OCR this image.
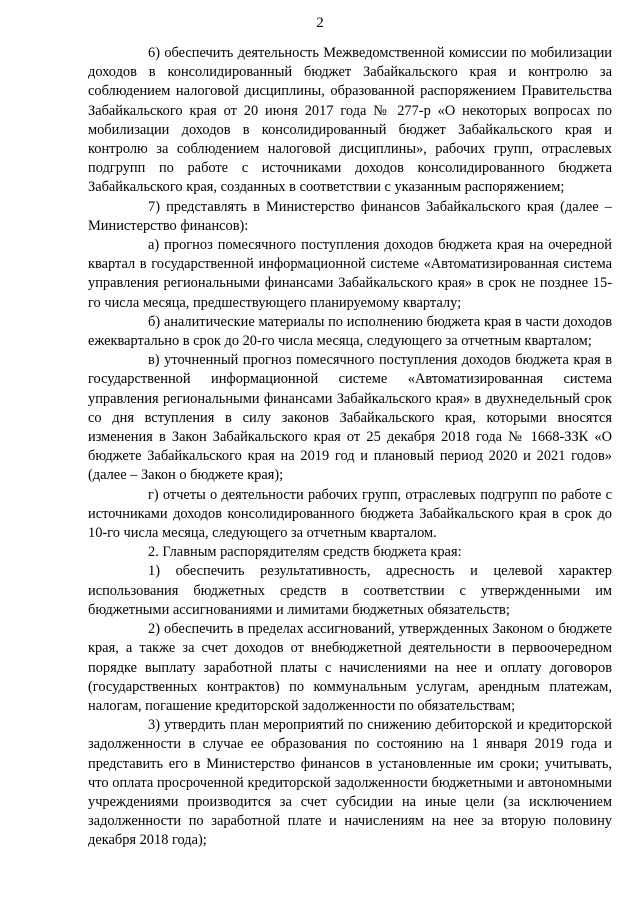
2

6) обеспечить деятельность Межведомственной комиссии по мобилизации доходов в консолидированный бюджет Забайкальского края и контролю за соблюдением налоговой дисциплины, образованной распоряжением Правительства Забайкальского края от 20 июня 2017 года № 277-р «О некоторых вопросах по мобилизации доходов в консолидированный бюджет Забайкальского края и контролю за соблюдением налоговой дисциплины», рабочих групп, отраслевых подгрупп по работе с источниками доходов консолидированного бюджета Забайкальского края, созданных в соответствии с указанным распоряжением;

7) представлять в Министерство финансов Забайкальского края (далее – Министерство финансов):

а) прогноз помесячного поступления доходов бюджета края на очередной квартал в государственной информационной системе «Автоматизированная система управления региональными финансами Забайкальского края» в срок не позднее 15-го числа месяца, предшествующего планируемому кварталу;

б) аналитические материалы по исполнению бюджета края в части доходов ежеквартально в срок до 20-го числа месяца, следующего за отчетным кварталом;

в) уточненный прогноз помесячного поступления доходов бюджета края в государственной информационной системе «Автоматизированная система управления региональными финансами Забайкальского края» в двухнедельный срок со дня вступления в силу законов Забайкальского края, которыми вносятся изменения в Закон Забайкальского края от 25 декабря 2018 года № 1668-ЗЗК «О бюджете Забайкальского края на 2019 год и плановый период 2020 и 2021 годов» (далее – Закон о бюджете края);

г) отчеты о деятельности рабочих групп, отраслевых подгрупп по работе с источниками доходов консолидированного бюджета Забайкальского края в срок до 10-го числа месяца, следующего за отчетным кварталом.

2. Главным распорядителям средств бюджета края:

1) обеспечить результативность, адресность и целевой характер использования бюджетных средств в соответствии с утвержденными им бюджетными ассигнованиями и лимитами бюджетных обязательств;

2) обеспечить в пределах ассигнований, утвержденных Законом о бюджете края, а также за счет доходов от внебюджетной деятельности в первоочередном порядке выплату заработной платы с начислениями на нее и оплату договоров (государственных контрактов) по коммунальным услугам, арендным платежам, налогам, погашение кредиторской задолженности по обязательствам;

3) утвердить план мероприятий по снижению дебиторской и кредиторской задолженности в случае ее образования по состоянию на 1 января 2019 года и представить его в Министерство финансов в установленные им сроки; учитывать, что оплата просроченной кредиторской задолженности бюджетными и автономными учреждениями производится за счет субсидии на иные цели (за исключением задолженности по заработной плате и начислениям на нее за вторую половину декабря 2018 года);
